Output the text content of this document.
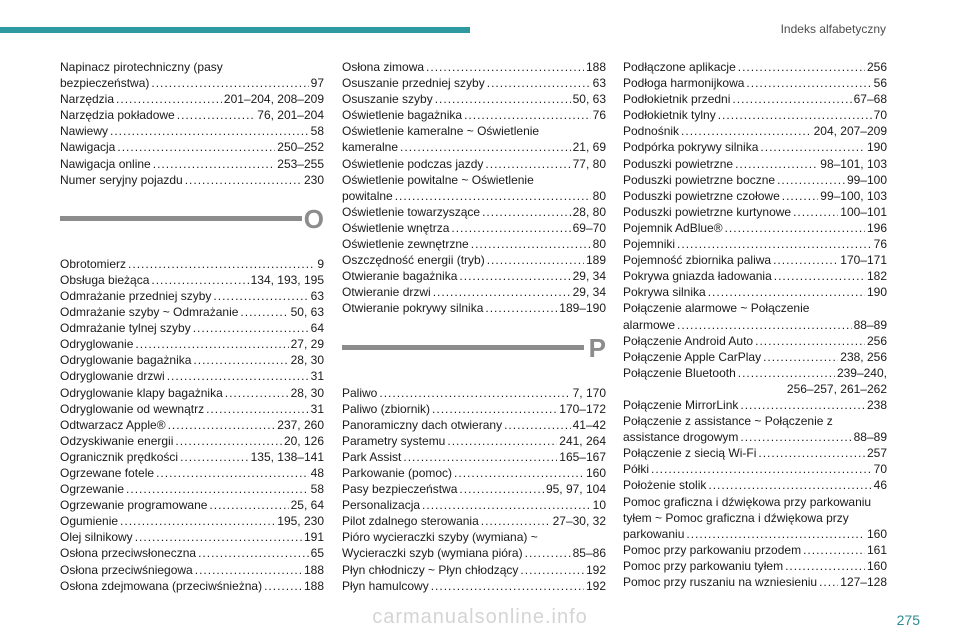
Indeks alfabetyczny
Napinacz pirotechniczny (pasy
bezpieczeństwa) .....	97
Narzędzia .....	201–204, 208–209
Narzędzia pokładowe .....	76, 201–204
Nawiewy .....	58
Nawigacja .....	250–252
Nawigacja online .....	253–255
Numer seryjny pojazdu .....	230
O
Obrotomierz .....	9
Obsługa bieżąca .....	134, 193, 195
Odmrażanie przedniej szyby .....	63
Odmrażanie szyby ~ Odmrażanie .....	50, 63
Odmrażanie tylnej szyby .....	64
Odryglowanie .....	27, 29
Odryglowanie bagażnika .....	28, 30
Odryglowanie drzwi .....	31
Odryglowanie klapy bagażnika .....	28, 30
Odryglowanie od wewnątrz .....	31
Odtwarzacz Apple® .....	237, 260
Odzyskiwanie energii .....	20, 126
Ogranicznik prędkości .....	135, 138–141
Ogrzewane fotele .....	48
Ogrzewanie .....	58
Ogrzewanie programowane .....	25, 64
Ogumienie .....	195, 230
Olej silnikowy .....	191
Osłona przeciwsłoneczna .....	65
Osłona przeciwśniegowa .....	188
Osłona zdejmowana (przeciwśnieżna) .....	188
Osłona zimowa .....	188
Osuszanie przedniej szyby .....	63
Osuszanie szyby .....	50, 63
Oświetlenie bagażnika .....	76
Oświetlenie kameralne ~ Oświetlenie
kameralne .....	21, 69
Oświetlenie podczas jazdy .....	77, 80
Oświetlenie powitalne ~ Oświetlenie
powitalne .....	80
Oświetlenie towarzyszące .....	28, 80
Oświetlenie wnętrza .....	69–70
Oświetlenie zewnętrzne .....	80
Oszczędność energii (tryb) .....	189
Otwieranie bagażnika .....	29, 34
Otwieranie drzwi .....	29, 34
Otwieranie pokrywy silnika .....	189–190
P
Paliwo .....	7, 170
Paliwo (zbiornik) .....	170–172
Panoramiczny dach otwierany .....	41–42
Parametry systemu .....	241, 264
Park Assist .....	165–167
Parkowanie (pomoc) .....	160
Pasy bezpieczeństwa .....	95, 97, 104
Personalizacja .....	10
Pilot zdalnego sterowania .....	27–30, 32
Pióro wycieraczki szyby (wymiana) ~
Wycieraczki szyb (wymiana pióra) .....	85–86
Płyn chłodniczy ~ Płyn chłodzący .....	192
Płyn hamulcowy .....	192
Podłączone aplikacje .....	256
Podłoga harmonijkowa .....	56
Podłokietnik przedni .....	67–68
Podłokietnik tylny .....	70
Podnośnik .....	204, 207–209
Podpórka pokrywy silnika .....	190
Poduszki powietrzne .....	98–101, 103
Poduszki powietrzne boczne .....	99–100
Poduszki powietrzne czołowe .....	99–100, 103
Poduszki powietrzne kurtynowe .....	100–101
Pojemnik AdBlue® .....	196
Pojemniki .....	76
Pojemność zbiornika paliwa .....	170–171
Pokrywa gniazda ładowania .....	182
Pokrywa silnika .....	190
Połączenie alarmowe ~ Połączenie
alarmowe .....	88–89
Połączenie Android Auto .....	256
Połączenie Apple CarPlay .....	238, 256
Połączenie Bluetooth .....	239–240,
256–257, 261–262
Połączenie MirrorLink .....	238
Połączenie z assistance ~ Połączenie z
assistance drogowym .....	88–89
Połączenie z siecią Wi-Fi .....	257
Półki .....	70
Położenie stolik .....	46
Pomoc graficzna i dźwiękowa przy parkowaniu
tyłem ~ Pomoc graficzna i dźwiękowa przy
parkowaniu .....	160
Pomoc przy parkowaniu przodem .....	161
Pomoc przy parkowaniu tyłem .....	160
Pomoc przy ruszaniu na wzniesieniu ..... 127–128
carmanualsonline.info	275
